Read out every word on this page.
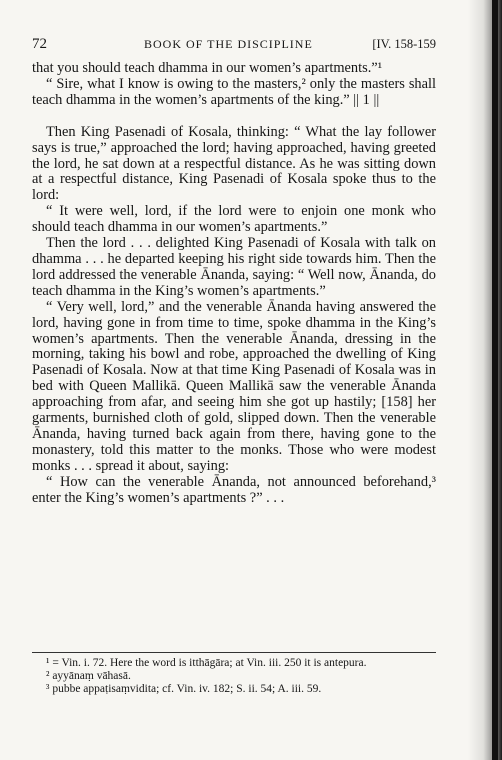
72	BOOK OF THE DISCIPLINE	[IV. 158-159

that you should teach dhamma in our women’s apartments.”¹

“ Sire, what I know is owing to the masters,² only the masters shall teach dhamma in the women’s apartments of the king.” || 1 ||

Then King Pasenadi of Kosala, thinking: “ What the lay follower says is true,” approached the lord; having approached, having greeted the lord, he sat down at a respectful distance. As he was sitting down at a respectful distance, King Pasenadi of Kosala spoke thus to the lord:

“ It were well, lord, if the lord were to enjoin one monk who should teach dhamma in our women’s apartments.”

Then the lord . . . delighted King Pasenadi of Kosala with talk on dhamma . . . he departed keeping his right side towards him. Then the lord addressed the venerable Ānanda, saying: “ Well now, Ānanda, do teach dhamma in the King’s women’s apartments.”

“ Very well, lord,” and the venerable Ānanda having answered the lord, having gone in from time to time, spoke dhamma in the King’s women’s apartments. Then the venerable Ānanda, dressing in the morning, taking his bowl and robe, approached the dwelling of King Pasenadi of Kosala. Now at that time King Pasenadi of Kosala was in bed with Queen Mallikā. Queen Mallikā saw the venerable Ānanda approaching from afar, and seeing him she got up hastily; [158] her garments, burnished cloth of gold, slipped down. Then the venerable Ānanda, having turned back again from there, having gone to the monastery, told this matter to the monks. Those who were modest monks . . . spread it about, saying:

“ How can the venerable Ānanda, not announced beforehand,³ enter the King’s women’s apartments ?” . . .

¹ = Vin. i. 72. Here the word is itthāgāra; at Vin. iii. 250 it is antepura.
² ayyānaṃ vāhasā.
³ pubbe appaṭisaṃvidita; cf. Vin. iv. 182; S. ii. 54; A. iii. 59.
